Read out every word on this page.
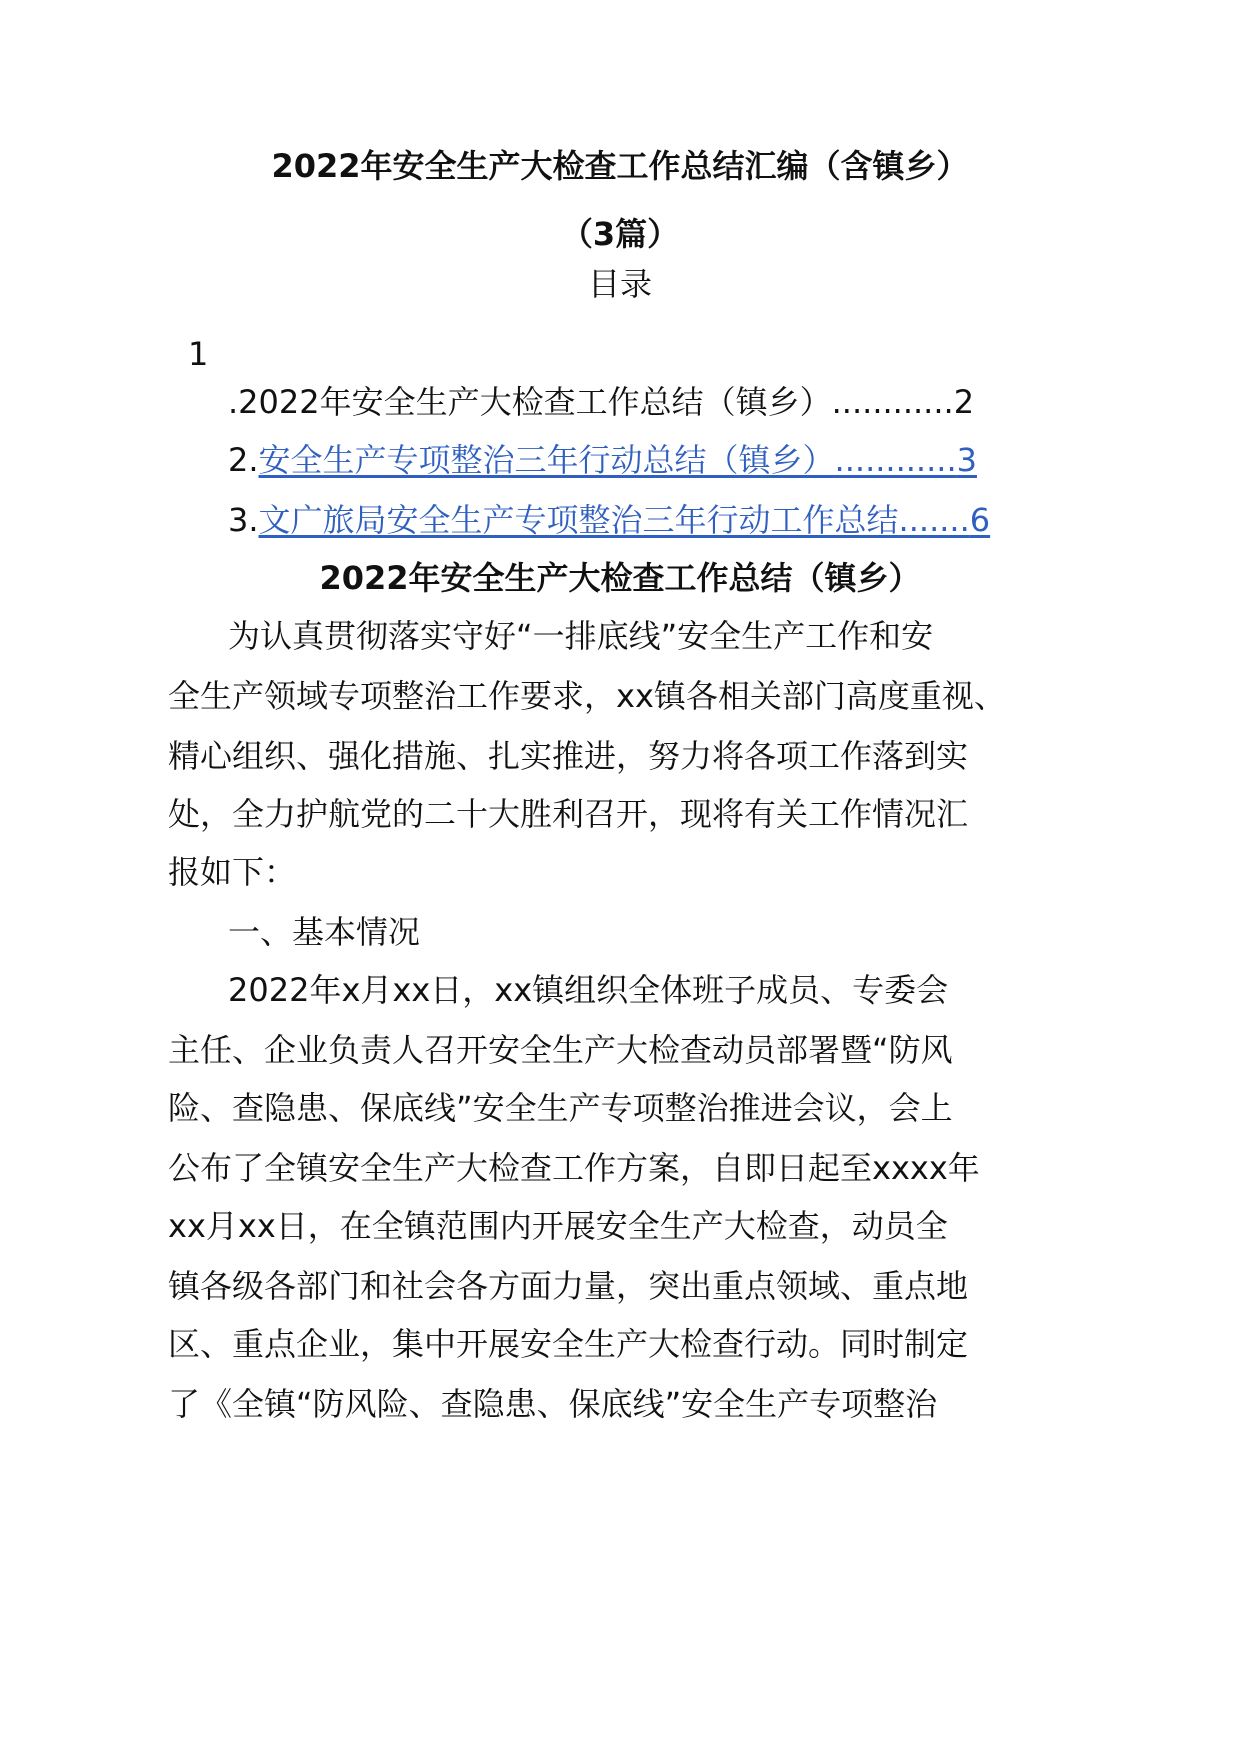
2022年安全生产大检查工作总结汇编（含镇乡）
（3篇）
目录
1
.2022年安全生产大检查工作总结（镇乡）............2
2.安全生产专项整治三年行动总结（镇乡）............3
3.文广旅局安全生产专项整治三年行动工作总结.......6
2022年安全生产大检查工作总结（镇乡）
为认真贯彻落实守好“一排底线”安全生产工作和安
全生产领域专项整治工作要求，xx镇各相关部门高度重视、
精心组织、强化措施、扎实推进，努力将各项工作落到实
处，全力护航党的二十大胜利召开，现将有关工作情况汇
报如下：
一、基本情况
2022年x月xx日，xx镇组织全体班子成员、专委会
主任、企业负责人召开安全生产大检查动员部署暨“防风
险、查隐患、保底线”安全生产专项整治推进会议，会上
公布了全镇安全生产大检查工作方案，自即日起至xxxx年
xx月xx日，在全镇范围内开展安全生产大检查，动员全
镇各级各部门和社会各方面力量，突出重点领域、重点地
区、重点企业，集中开展安全生产大检查行动。同时制定
了《全镇“防风险、查隐患、保底线”安全生产专项整治
